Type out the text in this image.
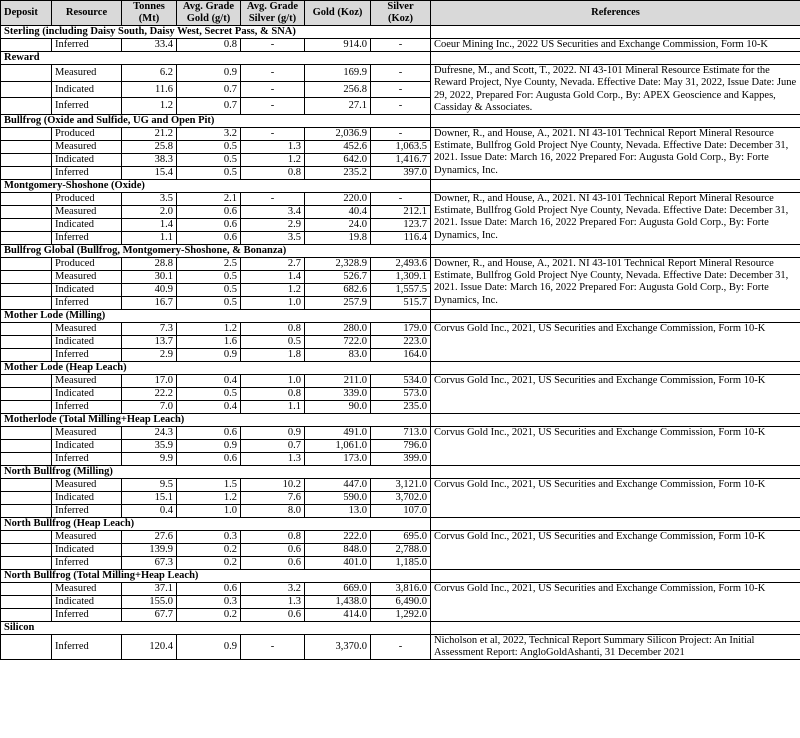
Deposit	Resource	Tonnes (Mt)	Avg. Grade Gold (g/t)	Avg. Grade Silver (g/t)	Gold (Koz)	Silver (Koz)	References
Sterling (including Daisy South, Daisy West, Secret Pass, & SNA)							
	Inferred	33.4	0.8	-	914.0	-	Coeur Mining Inc., 2022 US Securities and Exchange Commission, Form 10-K
Reward							
	Measured	6.2	0.9	-	169.9	-	Dufresne, M., and Scott, T., 2022. NI 43-101 Mineral Resource Estimate for the Reward Project, Nye County, Nevada. Effective Date: May 31, 2022, Issue Date: June 29, 2022, Prepared For: Augusta Gold Corp., By: APEX Geoscience and Kappes, Cassiday & Associates.
	Indicated	11.6	0.7	-	256.8	-	
	Inferred	1.2	0.7	-	27.1	-	
Bullfrog (Oxide and Sulfide, UG and Open Pit)							
	Produced	21.2	3.2	-	2,036.9	-	Downer, R., and House, A., 2021. NI 43-101 Technical Report Mineral Resource Estimate, Bullfrog Gold Project Nye County, Nevada. Effective Date: December 31, 2021. Issue Date: March 16, 2022 Prepared For: Augusta Gold Corp., By: Forte Dynamics, Inc.
	Measured	25.8	0.5	1.3	452.6	1,063.5	
	Indicated	38.3	0.5	1.2	642.0	1,416.7	
	Inferred	15.4	0.5	0.8	235.2	397.0	
Montgomery-Shoshone (Oxide)							
	Produced	3.5	2.1	-	220.0	-	Downer, R., and House, A., 2021. NI 43-101 Technical Report Mineral Resource Estimate, Bullfrog Gold Project Nye County, Nevada. Effective Date: December 31, 2021. Issue Date: March 16, 2022 Prepared For: Augusta Gold Corp., By: Forte Dynamics, Inc.
	Measured	2.0	0.6	3.4	40.4	212.1	
	Indicated	1.4	0.6	2.9	24.0	123.7	
	Inferred	1.1	0.6	3.5	19.8	116.4	
Bullfrog Global (Bullfrog, Montgomery-Shoshone, & Bonanza)							
	Produced	28.8	2.5	2.7	2,328.9	2,493.6	Downer, R., and House, A., 2021. NI 43-101 Technical Report Mineral Resource Estimate, Bullfrog Gold Project Nye County, Nevada. Effective Date: December 31, 2021. Issue Date: March 16, 2022 Prepared For: Augusta Gold Corp., By: Forte Dynamics, Inc.
	Measured	30.1	0.5	1.4	526.7	1,309.1	
	Indicated	40.9	0.5	1.2	682.6	1,557.5	
	Inferred	16.7	0.5	1.0	257.9	515.7	
Mother Lode (Milling)							
	Measured	7.3	1.2	0.8	280.0	179.0	Corvus Gold Inc., 2021, US Securities and Exchange Commission, Form 10-K
	Indicated	13.7	1.6	0.5	722.0	223.0	
	Inferred	2.9	0.9	1.8	83.0	164.0	
Mother Lode (Heap Leach)							
	Measured	17.0	0.4	1.0	211.0	534.0	Corvus Gold Inc., 2021, US Securities and Exchange Commission, Form 10-K
	Indicated	22.2	0.5	0.8	339.0	573.0	
	Inferred	7.0	0.4	1.1	90.0	235.0	
Motherlode (Total Milling+Heap Leach)							
	Measured	24.3	0.6	0.9	491.0	713.0	Corvus Gold Inc., 2021, US Securities and Exchange Commission, Form 10-K
	Indicated	35.9	0.9	0.7	1,061.0	796.0	
	Inferred	9.9	0.6	1.3	173.0	399.0	
North Bullfrog (Milling)							
	Measured	9.5	1.5	10.2	447.0	3,121.0	Corvus Gold Inc., 2021, US Securities and Exchange Commission, Form 10-K
	Indicated	15.1	1.2	7.6	590.0	3,702.0	
	Inferred	0.4	1.0	8.0	13.0	107.0	
North Bullfrog (Heap Leach)							
	Measured	27.6	0.3	0.8	222.0	695.0	Corvus Gold Inc., 2021, US Securities and Exchange Commission, Form 10-K
	Indicated	139.9	0.2	0.6	848.0	2,788.0	
	Inferred	67.3	0.2	0.6	401.0	1,185.0	
North Bullfrog (Total Milling+Heap Leach)							
	Measured	37.1	0.6	3.2	669.0	3,816.0	Corvus Gold Inc., 2021, US Securities and Exchange Commission, Form 10-K
	Indicated	155.0	0.3	1.3	1,438.0	6,490.0	
	Inferred	67.7	0.2	0.6	414.0	1,292.0	
Silicon							
	Inferred	120.4	0.9	-	3,370.0	-	Nicholson et al, 2022, Technical Report Summary Silicon Project: An Initial Assessment Report: AngloGoldAshanti, 31 December 2021
